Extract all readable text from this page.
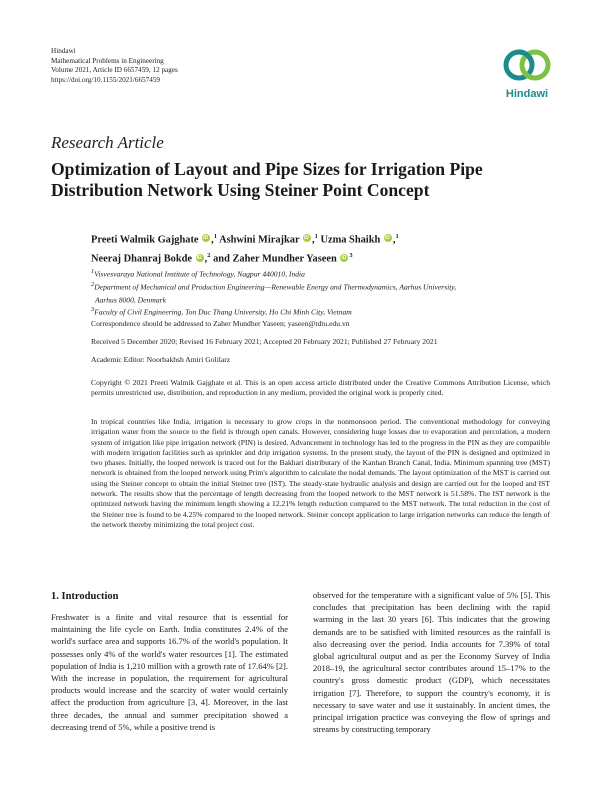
Hindawi
Mathematical Problems in Engineering
Volume 2021, Article ID 6657459, 12 pages
https://doi.org/10.1155/2021/6657459
Hindawi
Research Article
Optimization of Layout and Pipe Sizes for Irrigation Pipe
Distribution Network Using Steiner Point Concept
Preeti Walmik Gajghate iD ,$^1$ Ashwini Mirajkar iD ,$^1$ Uzma Shaikh iD ,$^1$
Neeraj Dhanraj Bokde iD ,$^2$ and Zaher Mundher Yaseen iD $^3$
$^1$Visvesvaraya National Institute of Technology, Nagpur 440010, India
$^2$Department of Mechanical and Production Engineering—Renewable Energy and Thermodynamics, Aarhus University,
Aarhus 8000, Denmark
$^3$Faculty of Civil Engineering, Ton Duc Thang University, Ho Chi Minh City, Vietnam
Correspondence should be addressed to Zaher Mundher Yaseen; yaseen@tdtu.edu.vn
Received 5 December 2020; Revised 16 February 2021; Accepted 20 February 2021; Published 27 February 2021
Academic Editor: Noorbakhsh Amiri Golilarz
Copyright © 2021 Preeti Walmik Gajghate et al. This is an open access article distributed under the Creative Commons Attribution License, which permits unrestricted use, distribution, and reproduction in any medium, provided the original work is properly cited.
In tropical countries like India, irrigation is necessary to grow crops in the nonmonsoon period. The conventional methodology for conveying irrigation water from the source to the field is through open canals. However, considering huge losses due to evaporation and percolation, a modern system of irrigation like pipe irrigation network (PIN) is desired. Advancement in technology has led to the progress in the PIN as they are compatible with modern irrigation facilities such as sprinkler and drip irrigation systems. In the present study, the layout of the PIN is designed and optimized in two phases. Initially, the looped network is traced out for the Bakhari distributary of the Kanhan Branch Canal, India. Minimum spanning tree (MST) network is obtained from the looped network using Prim's algorithm to calculate the nodal demands. The layout optimization of the MST is carried out using the Steiner concept to obtain the initial Steiner tree (IST). The steady-state hydraulic analysis and design are carried out for the looped and IST network. The results show that the percentage of length decreasing from the looped network to the MST network is 51.58%. The IST network is the optimized network having the minimum length showing a 12.21% length reduction compared to the MST network. The total reduction in the cost of the Steiner tree is found to be 4.25% compared to the looped network. Steiner concept application to large irrigation networks can reduce the length of the network thereby minimizing the total project cost.
1. Introduction
Freshwater is a finite and vital resource that is essential for maintaining the life cycle on Earth. India constitutes 2.4% of the world's surface area and supports 16.7% of the world's population. It possesses only 4% of the world's water resources [1]. The estimated population of India is 1,210 million with a growth rate of 17.64% [2]. With the increase in population, the requirement for agricultural products would increase and the scarcity of water would certainly affect the production from agriculture [3, 4]. Moreover, in the last three decades, the annual and summer precipitation showed a decreasing trend of 5%, while a positive trend is
observed for the temperature with a significant value of 5% [5]. This concludes that precipitation has been declining with the rapid warming in the last 30 years [6]. This indicates that the growing demands are to be satisfied with limited resources as the rainfall is also decreasing over the period. India accounts for 7.39% of total global agricultural output and as per the Economy Survey of India 2018–19, the agricultural sector contributes around 15–17% to the country's gross domestic product (GDP), which necessitates irrigation [7]. Therefore, to support the country's economy, it is necessary to save water and use it sustainably. In ancient times, the principal irrigation practice was conveying the flow of springs and streams by constructing temporary
